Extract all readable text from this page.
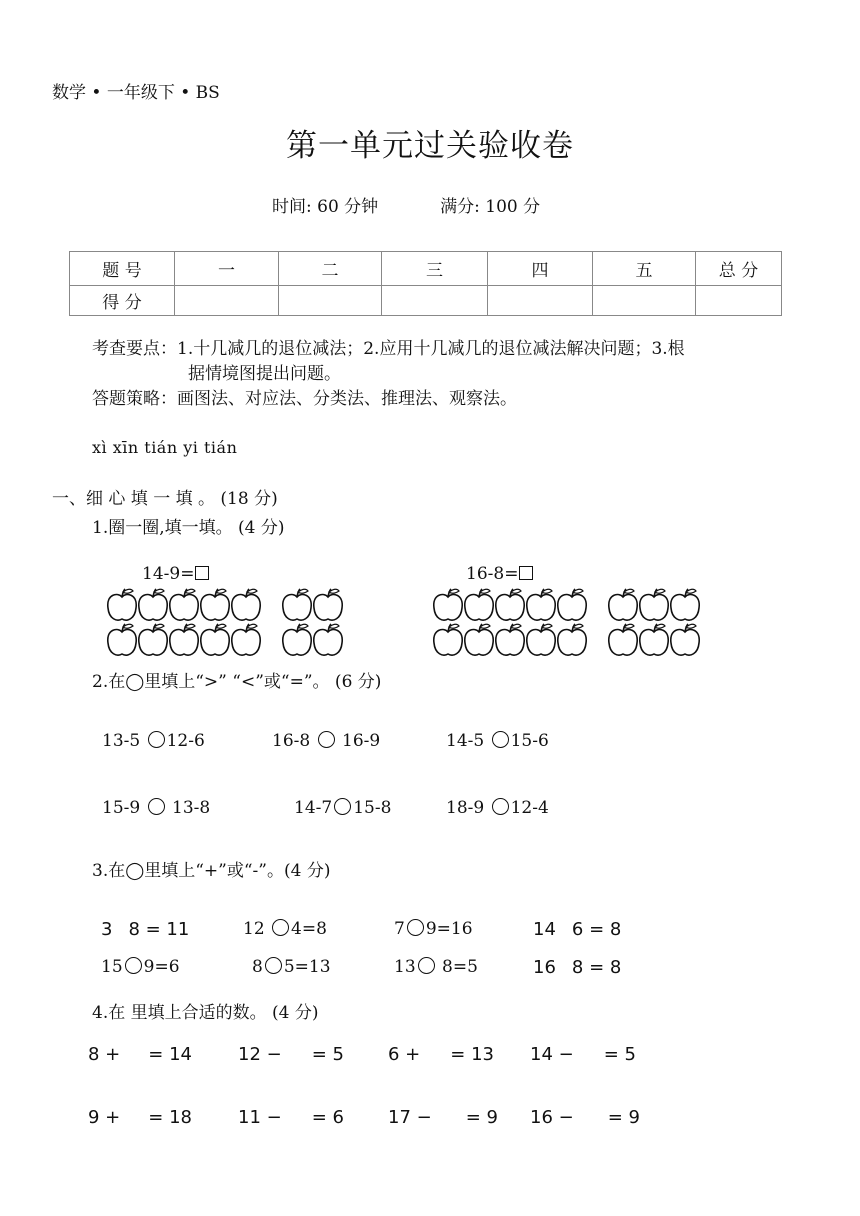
数学 • 一年级下 • BS
第一单元过关验收卷
时间: 60 分钟	满分: 100 分
题 号	一	二	三	四	五	总 分
得 分						
考查要点：1.十几减几的退位减法；2.应用十几减几的退位减法解决问题；3.根
据情境图提出问题。
答题策略：画图法、对应法、分类法、推理法、观察法。
xì xīn tián yi tián
一、细 心 填 一 填 。 (18 分)
1.圈一圈,填一填。 (4 分)
14-9=	16-8=
2.在◯里填上“>” “<”或“=”。 (6 分)
13-5 12-6	16-8 16-9	14-5 15-6
15-9 13-8	14-7 15-8	18-9 12-4
3.在◯里填上“+”或“-”。(4 分)
3 8 = 11	12 4=8	7 9=16	14 6 = 8
15 9=6	8 5=13	13 8=5	16 8 = 8
4.在 里填上合适的数。 (4 分)
8 + = 14	12 − = 5 6 + = 13 14 − = 5
9 + = 18	11 − = 6 17 − = 9 16 − = 9
